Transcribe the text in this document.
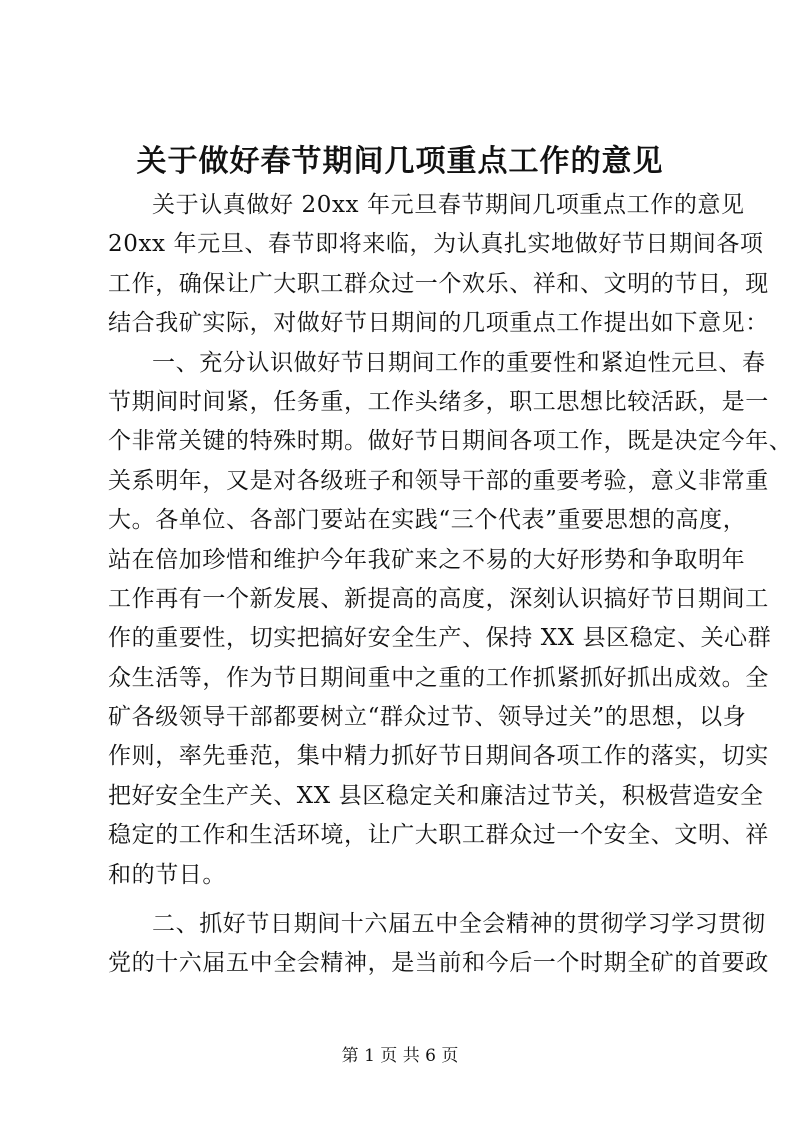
关于做好春节期间几项重点工作的意见
关于认真做好 20xx 年元旦春节期间几项重点工作的意见
20xx 年元旦、春节即将来临，为认真扎实地做好节日期间各项
工作，确保让广大职工群众过一个欢乐、祥和、文明的节日，现
结合我矿实际，对做好节日期间的几项重点工作提出如下意见：
一、充分认识做好节日期间工作的重要性和紧迫性元旦、春
节期间时间紧，任务重，工作头绪多，职工思想比较活跃，是一
个非常关键的特殊时期。做好节日期间各项工作，既是决定今年、
关系明年，又是对各级班子和领导干部的重要考验，意义非常重
大。各单位、各部门要站在实践“三个代表”重要思想的高度，
站在倍加珍惜和维护今年我矿来之不易的大好形势和争取明年
工作再有一个新发展、新提高的高度，深刻认识搞好节日期间工
作的重要性，切实把搞好安全生产、保持 XX 县区稳定、关心群
众生活等，作为节日期间重中之重的工作抓紧抓好抓出成效。全
矿各级领导干部都要树立“群众过节、领导过关”的思想，以身
作则，率先垂范，集中精力抓好节日期间各项工作的落实，切实
把好安全生产关、XX 县区稳定关和廉洁过节关，积极营造安全
稳定的工作和生活环境，让广大职工群众过一个安全、文明、祥
和的节日。
二、抓好节日期间十六届五中全会精神的贯彻学习学习贯彻
党的十六届五中全会精神，是当前和今后一个时期全矿的首要政
第 1 页 共 6 页
